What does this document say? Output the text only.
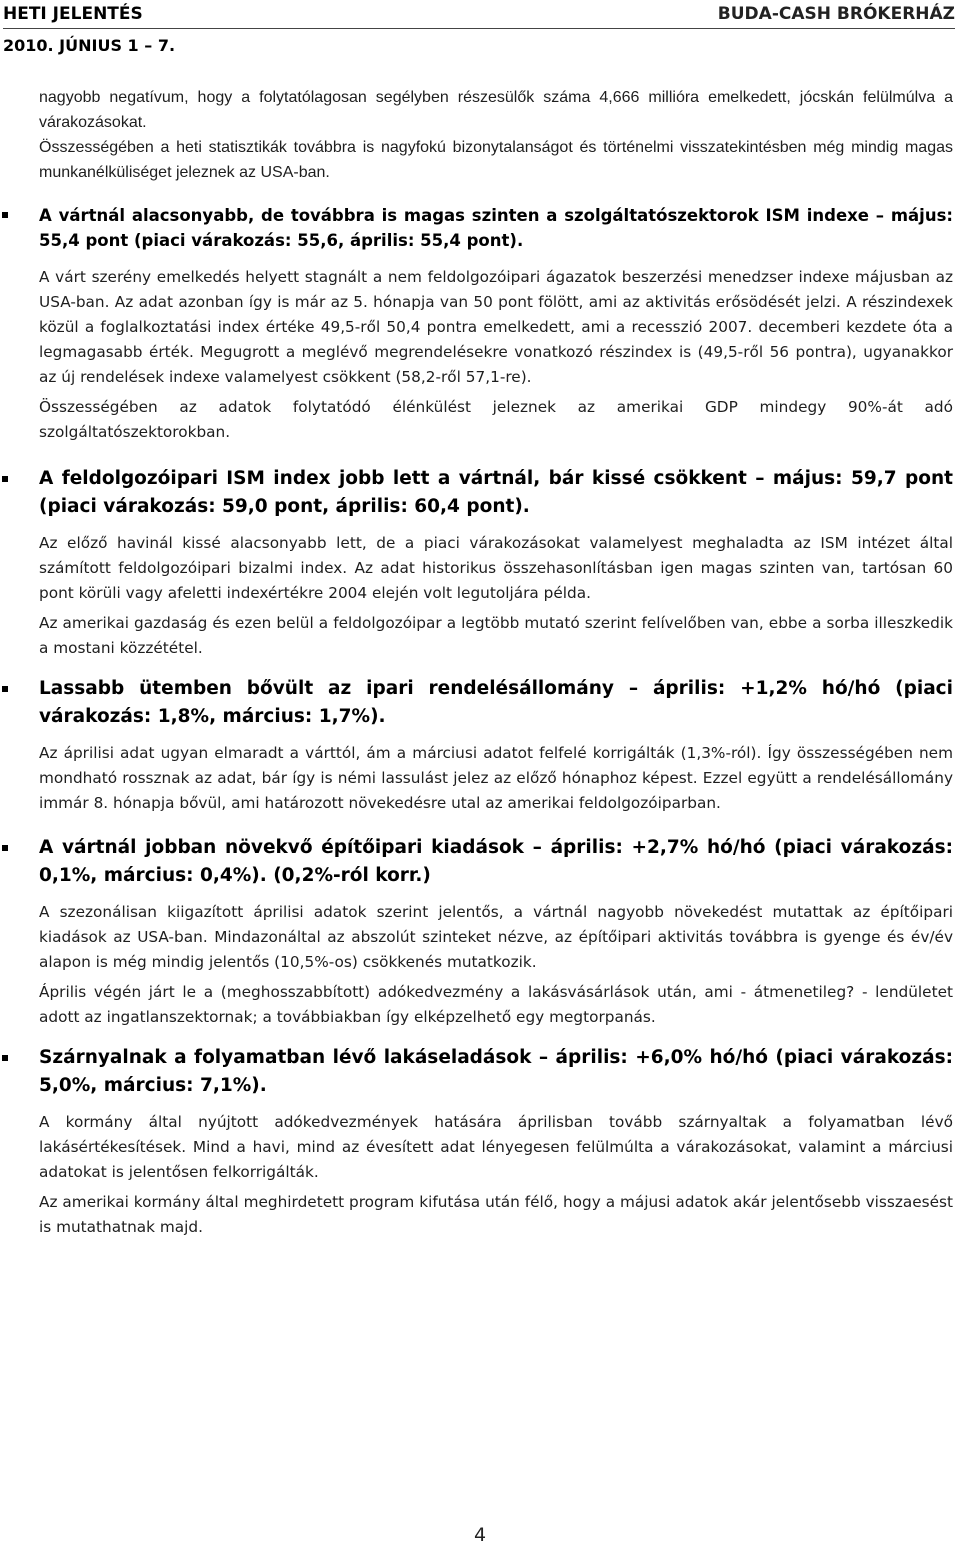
HETI JELENTÉS	BUDA-CASH BRÓKERHÁZ
2010. JÚNIUS 1 – 7.

nagyobb negatívum, hogy a folytatólagosan segélyben részesülők száma 4,666 millióra emelkedett, jócskán felülmúlva a várakozásokat.

Összességében a heti statisztikák továbbra is nagyfokú bizonytalanságot és történelmi visszatekintésben még mindig magas munkanélküliséget jeleznek az USA-ban.

A vártnál alacsonyabb, de továbbra is magas szinten a szolgáltatószektorok ISM indexe – május: 55,4 pont (piaci várakozás: 55,6, április: 55,4 pont).

A várt szerény emelkedés helyett stagnált a nem feldolgozóipari ágazatok beszerzési menedzser indexe májusban az USA-ban. Az adat azonban így is már az 5. hónapja van 50 pont fölött, ami az aktivitás erősödését jelzi. A részindexek közül a foglalkoztatási index értéke 49,5-ről 50,4 pontra emelkedett, ami a recesszió 2007. decemberi kezdete óta a legmagasabb érték. Megugrott a meglévő megrendelésekre vonatkozó részindex is (49,5-ről 56 pontra), ugyanakkor az új rendelések indexe valamelyest csökkent (58,2-ről 57,1-re).

Összességében az adatok folytatódó élénkülést jeleznek az amerikai GDP mindegy 90%-át adó szolgáltatószektorokban.

A feldolgozóipari ISM index jobb lett a vártnál, bár kissé csökkent – május: 59,7 pont (piaci várakozás: 59,0 pont, április: 60,4 pont).

Az előző havinál kissé alacsonyabb lett, de a piaci várakozásokat valamelyest meghaladta az ISM intézet által számított feldolgozóipari bizalmi index. Az adat historikus összehasonlításban igen magas szinten van, tartósan 60 pont körüli vagy afeletti indexértékre 2004 elején volt legutoljára példa.

Az amerikai gazdaság és ezen belül a feldolgozóipar a legtöbb mutató szerint felívelőben van, ebbe a sorba illeszkedik a mostani közzététel.

Lassabb ütemben bővült az ipari rendelésállomány – április: +1,2% hó/hó (piaci várakozás: 1,8%, március: 1,7%).

Az áprilisi adat ugyan elmaradt a várttól, ám a márciusi adatot felfelé korrigálták (1,3%-ról). Így összességében nem mondható rossznak az adat, bár így is némi lassulást jelez az előző hónaphoz képest. Ezzel együtt a rendelésállomány immár 8. hónapja bővül, ami határozott növekedésre utal az amerikai feldolgozóiparban.

A vártnál jobban növekvő építőipari kiadások – április: +2,7% hó/hó (piaci várakozás: 0,1%, március: 0,4%). (0,2%-ról korr.)

A szezonálisan kiigazított áprilisi adatok szerint jelentős, a vártnál nagyobb növekedést mutattak az építőipari kiadások az USA-ban. Mindazonáltal az abszolút szinteket nézve, az építőipari aktivitás továbbra is gyenge és év/év alapon is még mindig jelentős (10,5%-os) csökkenés mutatkozik.

Április végén járt le a (meghosszabbított) adókedvezmény a lakásvásárlások után, ami - átmenetileg? - lendületet adott az ingatlanszektornak; a továbbiakban így elképzelhető egy megtorpanás.

Szárnyalnak a folyamatban lévő lakáseladások – április: +6,0% hó/hó (piaci várakozás: 5,0%, március: 7,1%).

A kormány által nyújtott adókedvezmények hatására áprilisban tovább szárnyaltak a folyamatban lévő lakásértékesítések. Mind a havi, mind az évesített adat lényegesen felülmúlta a várakozásokat, valamint a márciusi adatokat is jelentősen felkorrigálták.

Az amerikai kormány által meghirdetett program kifutása után félő, hogy a májusi adatok akár jelentősebb visszaesést is mutathatnak majd.

4
